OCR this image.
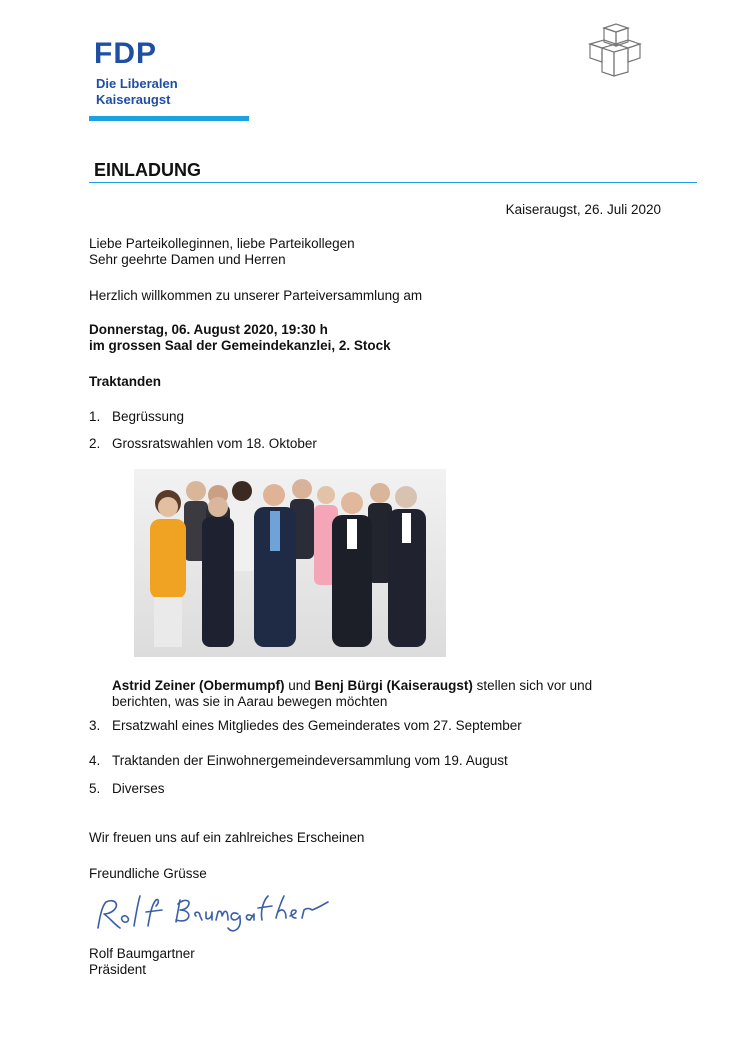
FDP
Die Liberalen
Kaiseraugst
EINLADUNG
Kaiseraugst, 26. Juli 2020
Liebe Parteikolleginnen, liebe Parteikollegen
Sehr geehrte Damen und Herren
Herzlich willkommen zu unserer Parteiversammlung am
Donnerstag, 06. August 2020, 19:30 h
im grossen Saal der Gemeindekanzlei, 2. Stock
Traktanden
1. Begrüssung
2. Grossratswahlen vom 18. Oktober
Astrid Zeiner (Obermumpf) und Benj Bürgi (Kaiseraugst) stellen sich vor und
berichten, was sie in Aarau bewegen möchten
3. Ersatzwahl eines Mitgliedes des Gemeinderates vom 27. September
4. Traktanden der Einwohnergemeindeversammlung vom 19. August
5. Diverses
Wir freuen uns auf ein zahlreiches Erscheinen
Freundliche Grüsse
Rolf Baumgartner
Präsident
